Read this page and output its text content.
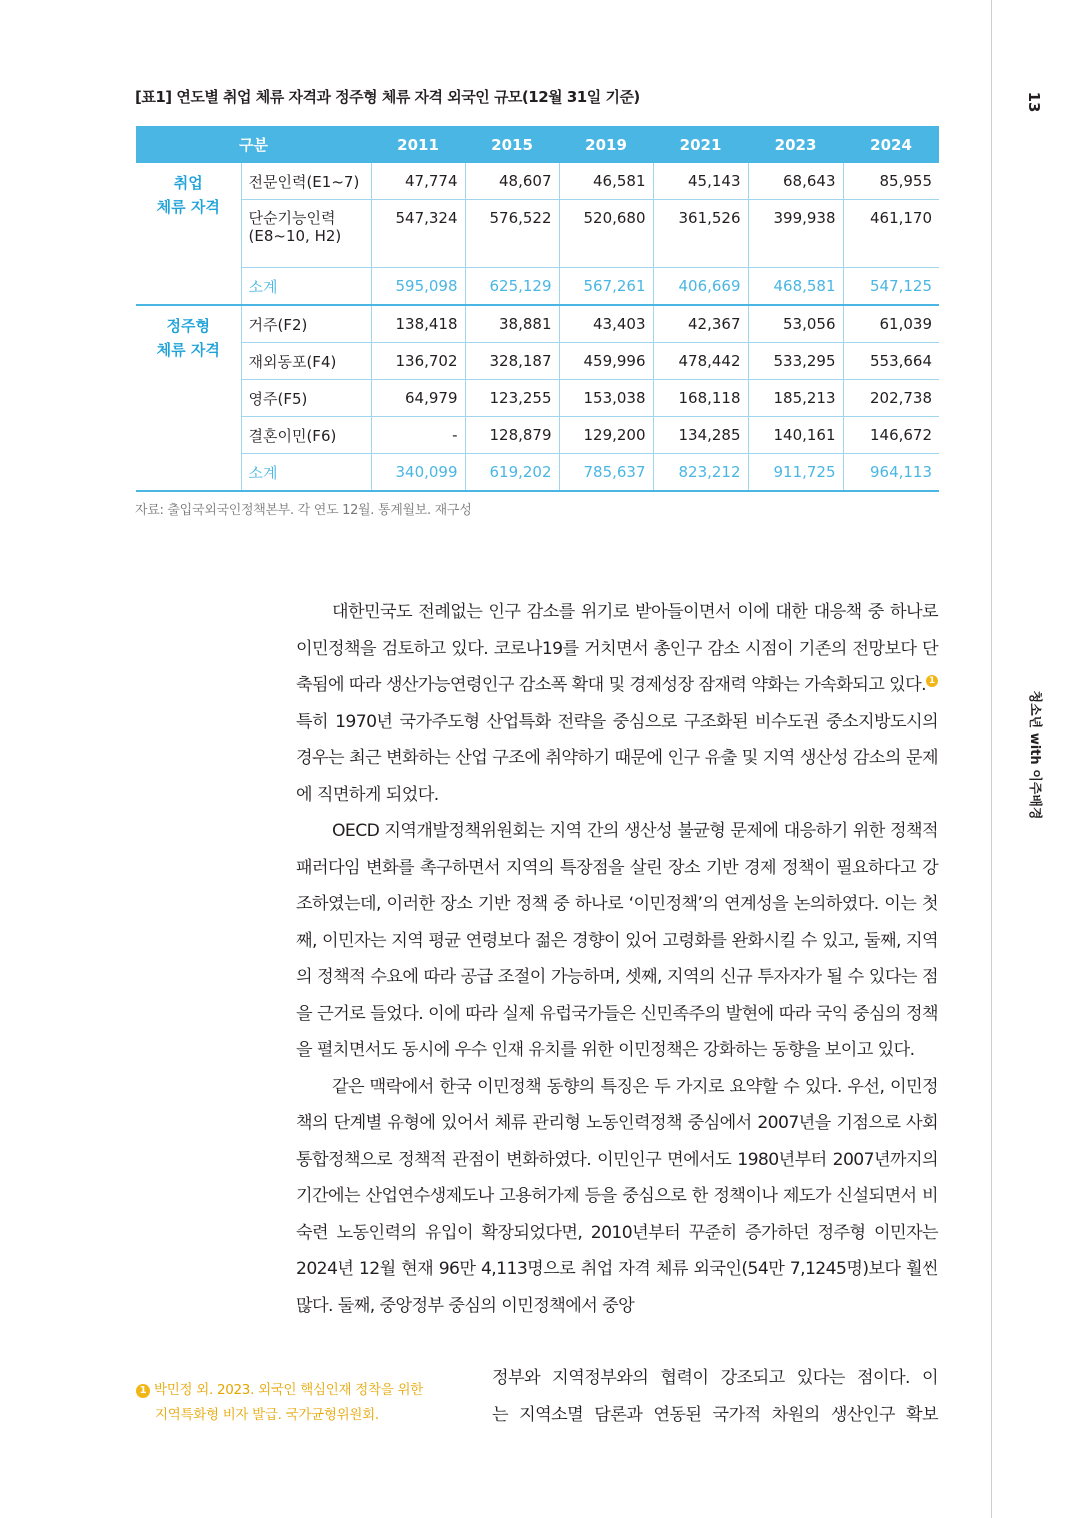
13
청소년 with 이주배경
[표1] 연도별 취업 체류 자격과 정주형 체류 자격 외국인 규모(12월 31일 기준)
구분		2011	2015	2019	2021	2023	2024
취업
체류 자격	전문인력(E1~7)	47,774	48,607	46,581	45,143	68,643	85,955
	단순기능인력 (E8~10, H2)	547,324	576,522	520,680	361,526	399,938	461,170
	소계	595,098	625,129	567,261	406,669	468,581	547,125
정주형
체류 자격	거주(F2)	138,418	38,881	43,403	42,367	53,056	61,039
	재외동포(F4)	136,702	328,187	459,996	478,442	533,295	553,664
	영주(F5)	64,979	123,255	153,038	168,118	185,213	202,738
	결혼이민(F6)	-	128,879	129,200	134,285	140,161	146,672
	소계	340,099	619,202	785,637	823,212	911,725	964,113
자료: 출입국외국인정책본부. 각 연도 12월. 통계월보. 재구성

대한민국도 전례없는 인구 감소를 위기로 받아들이면서 이에 대한 대응책 중 하나로 이민정책을 검토하고 있다. 코로나19를 거치면서 총인구 감소 시점이 기존의 전망보다 단축됨에 따라 생산가능연령인구 감소폭 확대 및 경제성장 잠재력 약화는 가속화되고 있다. 1 특히 1970년 국가주도형 산업특화 전략을 중심으로 구조화된 비수도권 중소지방도시의 경우는 최근 변화하는 산업 구조에 취약하기 때문에 인구 유출 및 지역 생산성 감소의 문제에 직면하게 되었다.

OECD 지역개발정책위원회는 지역 간의 생산성 불균형 문제에 대응하기 위한 정책적 패러다임 변화를 촉구하면서 지역의 특장점을 살린 장소 기반 경제 정책이 필요하다고 강조하였는데, 이러한 장소 기반 정책 중 하나로 ‘이민정책’의 연계성을 논의하였다. 이는 첫째, 이민자는 지역 평균 연령보다 젊은 경향이 있어 고령화를 완화시킬 수 있고, 둘째, 지역의 정책적 수요에 따라 공급 조절이 가능하며, 셋째, 지역의 신규 투자자가 될 수 있다는 점을 근거로 들었다. 이에 따라 실제 유럽국가들은 신민족주의 발현에 따라 국익 중심의 정책을 펼치면서도 동시에 우수 인재 유치를 위한 이민정책은 강화하는 동향을 보이고 있다.

같은 맥락에서 한국 이민정책 동향의 특징은 두 가지로 요약할 수 있다. 우선, 이민정책의 단계별 유형에 있어서 체류 관리형 노동인력정책 중심에서 2007년을 기점으로 사회통합정책으로 정책적 관점이 변화하였다. 이민인구 면에서도 1980년부터 2007년까지의 기간에는 산업연수생제도나 고용허가제 등을 중심으로 한 정책이나 제도가 신설되면서 비숙련 노동인력의 유입이 확장되었다면, 2010년부터 꾸준히 증가하던 정주형 이민자는 2024년 12월 현재 96만 4,113명으로 취업 자격 체류 외국인(54만 7,1245명)보다 훨씬 많다. 둘째, 중앙정부 중심의 이민정책에서 중앙

정부와 지역정부와의 협력이 강조되고 있다는 점이다. 이
는 지역소멸 담론과 연동된 국가적 차원의 생산인구 확보
1 박민정 외. 2023. 외국인 핵심인재 정착을 위한
지역특화형 비자 발급. 국가균형위원회.
